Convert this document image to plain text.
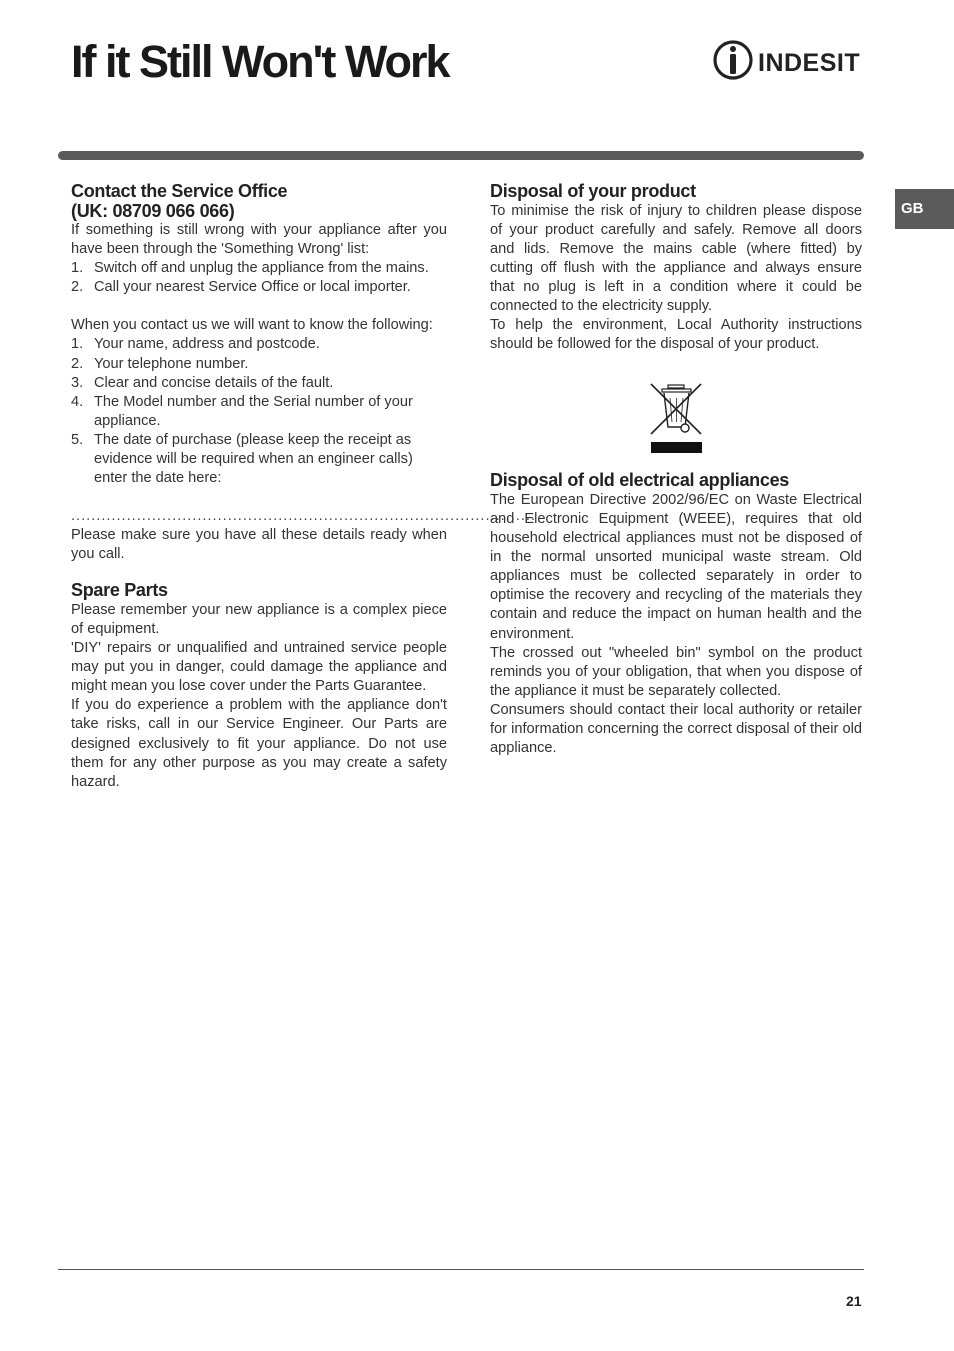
If it Still Won't Work	INDESIT
GB
Contact the Service Office
(UK: 08709 066 066)

If something is still wrong with your appliance after you have been through the 'Something Wrong' list:

1. Switch off and unplug the appliance from the mains.
2. Call your nearest Service Office or local importer.

When you contact us we will want to know the following:

1. Your name, address and postcode.
2. Your telephone number.
3. Clear and concise details of the fault.
4. The Model number and the Serial number of your appliance.
5. The date of purchase (please keep the receipt as evidence will be required when an engineer calls) enter the date here:
............................................................................................

Please make sure you have all these details ready when you call.

Spare Parts

Please remember your new appliance is a complex piece of equipment.

'DIY' repairs or unqualified and untrained service people may put you in danger, could damage the appliance and might mean you lose cover under the Parts Guarantee.

If you do experience a problem with the appliance don't take risks, call in our Service Engineer. Our Parts are designed exclusively to fit your appliance. Do not use them for any other purpose as you may create a safety hazard.

Disposal of your product

To minimise the risk of injury to children please dispose of your product carefully and safely. Remove all doors and lids. Remove the mains cable (where fitted) by cutting off flush with the appliance and always ensure that no plug is left in a condition where it could be connected to the electricity supply.

To help the environment, Local Authority instructions should be followed for the disposal of your product.

Disposal of old electrical appliances

The European Directive 2002/96/EC on Waste Electrical and Electronic Equipment (WEEE), requires that old household electrical appliances must not be disposed of in the normal unsorted municipal waste stream. Old appliances must be collected separately in order to optimise the recovery and recycling of the materials they contain and reduce the impact on human health and the environment.

The crossed out "wheeled bin" symbol on the product reminds you of your obligation, that when you dispose of the appliance it must be separately collected.

Consumers should contact their local authority or retailer for information concerning the correct disposal of their old appliance.

21
